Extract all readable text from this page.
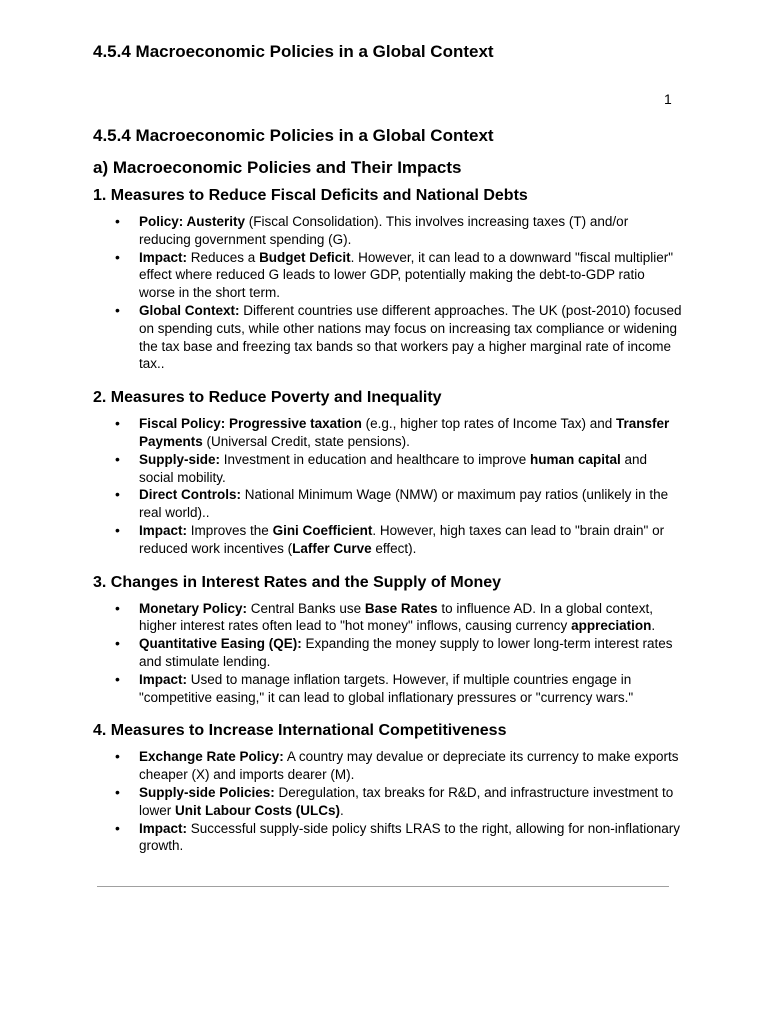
4.5.4 Macroeconomic Policies in a Global Context
1
4.5.4 Macroeconomic Policies in a Global Context
a) Macroeconomic Policies and Their Impacts
1. Measures to Reduce Fiscal Deficits and National Debts
• Policy: Austerity (Fiscal Consolidation). This involves increasing taxes (T) and/or reducing government spending (G).
• Impact: Reduces a Budget Deficit. However, it can lead to a downward "fiscal multiplier" effect where reduced G leads to lower GDP, potentially making the debt-to-GDP ratio worse in the short term.
• Global Context: Different countries use different approaches. The UK (post-2010) focused on spending cuts, while other nations may focus on increasing tax compliance or widening the tax base and freezing tax bands so that workers pay a higher marginal rate of income tax..
2. Measures to Reduce Poverty and Inequality
• Fiscal Policy: Progressive taxation (e.g., higher top rates of Income Tax) and Transfer Payments (Universal Credit, state pensions).
• Supply-side: Investment in education and healthcare to improve human capital and social mobility.
• Direct Controls: National Minimum Wage (NMW) or maximum pay ratios (unlikely in the real world)..
• Impact: Improves the Gini Coefficient. However, high taxes can lead to "brain drain" or reduced work incentives (Laffer Curve effect).
3. Changes in Interest Rates and the Supply of Money
• Monetary Policy: Central Banks use Base Rates to influence AD. In a global context, higher interest rates often lead to "hot money" inflows, causing currency appreciation.
• Quantitative Easing (QE): Expanding the money supply to lower long-term interest rates and stimulate lending.
• Impact: Used to manage inflation targets. However, if multiple countries engage in "competitive easing," it can lead to global inflationary pressures or "currency wars."
4. Measures to Increase International Competitiveness
• Exchange Rate Policy: A country may devalue or depreciate its currency to make exports cheaper (X) and imports dearer (M).
• Supply-side Policies: Deregulation, tax breaks for R&D, and infrastructure investment to lower Unit Labour Costs (ULCs).
• Impact: Successful supply-side policy shifts LRAS to the right, allowing for non-inflationary growth.
